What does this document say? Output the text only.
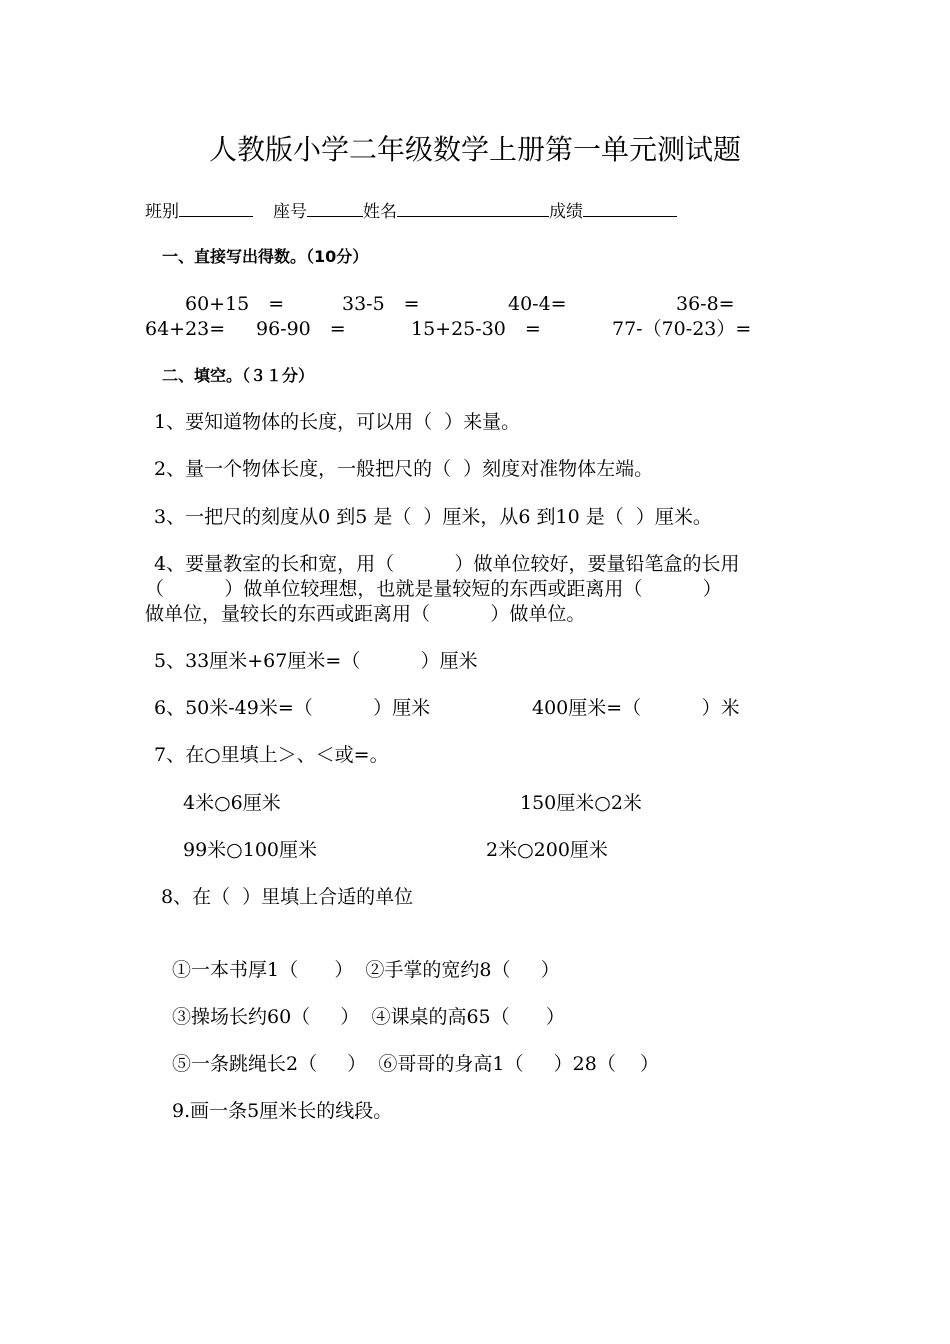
人教版小学二年级数学上册第一单元测试题
班别	座号	姓名	成绩
一、直接写出得数。（10分）
60+15　=	33-5　=	40-4=	36-8=
64+23= 96-90　=	15+25-30　=	77-（70-23）=
二、填空。（３１分）
1、要知道物体的长度，可以用（  ）来量。
2、量一个物体长度，一般把尺的（  ）刻度对准物体左端。
3、一把尺的刻度从0 到5 是（  ）厘米，从6 到10 是（  ）厘米。
4、要量教室的长和宽，用（          ）做单位较好，要量铅笔盒的长用
（          ）做单位较理想，也就是量较短的东西或距离用（          ）
做单位，量较长的东西或距离用（          ）做单位。
5、33厘米+67厘米=（          ）厘米
6、50米-49米=（          ）厘米	400厘米=（          ）米
7、在○里填上＞、＜或=。
4米○6厘米	150厘米○2米
99米○100厘米	2米○200厘米
8、在（  ）里填上合适的单位
①一本书厚1（      ）  ②手掌的宽约8（     ）
③操场长约60（     ）  ④课桌的高65（      ）
⑤一条跳绳长2（     ）  ⑥哥哥的身高1（     ）28（    ）
9.画一条5厘米长的线段。
